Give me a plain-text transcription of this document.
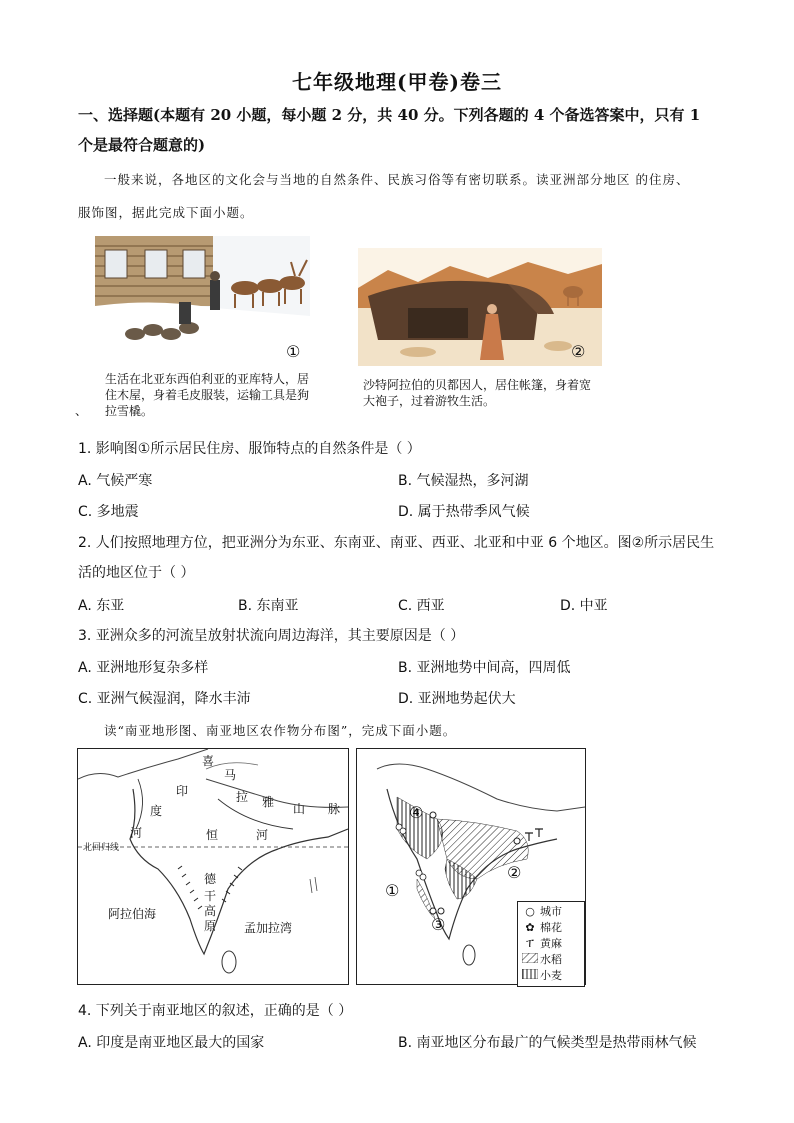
七年级地理(甲卷)卷三
一、选择题(本题有 20 小题，每小题 2 分，共 40 分。下列各题的 4 个备选答案中，只有 1
个是最符合题意的)
一般来说，各地区的文化会与当地的自然条件、民族习俗等有密切联系。读亚洲部分地区 的住房、
服饰图，据此完成下面小题。
①
生活在北亚东西伯利亚的亚库特人，居
住木屋，身着毛皮服装，运输工具是狗
拉雪橇。
、
②
沙特阿拉伯的贝都因人，居住帐篷，身着宽
大袍子，过着游牧生活。
1. 影响图①所示居民住房、服饰特点的自然条件是（ ）
A. 气候严寒	B. 气候湿热，多河湖
C. 多地震	D. 属于热带季风气候
2. 人们按照地理方位，把亚洲分为东亚、东南亚、南亚、西亚、北亚和中亚 6 个地区。图②所示居民生
活的地区位于（ ）
A. 东亚	B. 东南亚	C. 西亚	D. 中亚
3. 亚洲众多的河流呈放射状流向周边海洋，其主要原因是（ ）
A. 亚洲地形复杂多样	B. 亚洲地势中间高，四周低
C. 亚洲气候湿润，降水丰沛	D. 亚洲地势起伏大
读“南亚地形图、南亚地区农作物分布图”，完成下面小题。
喜
马
拉 雅 山 脉
印
度
河	恒	河
北回归线
德
干
高
原
阿拉伯海
孟加拉湾
④
②
①
③
○ 城市
✿ 棉花
ፐ 黄麻
水稻
小麦
4. 下列关于南亚地区的叙述，正确的是（ ）
A. 印度是南亚地区最大的国家	B. 南亚地区分布最广的气候类型是热带雨林气候
